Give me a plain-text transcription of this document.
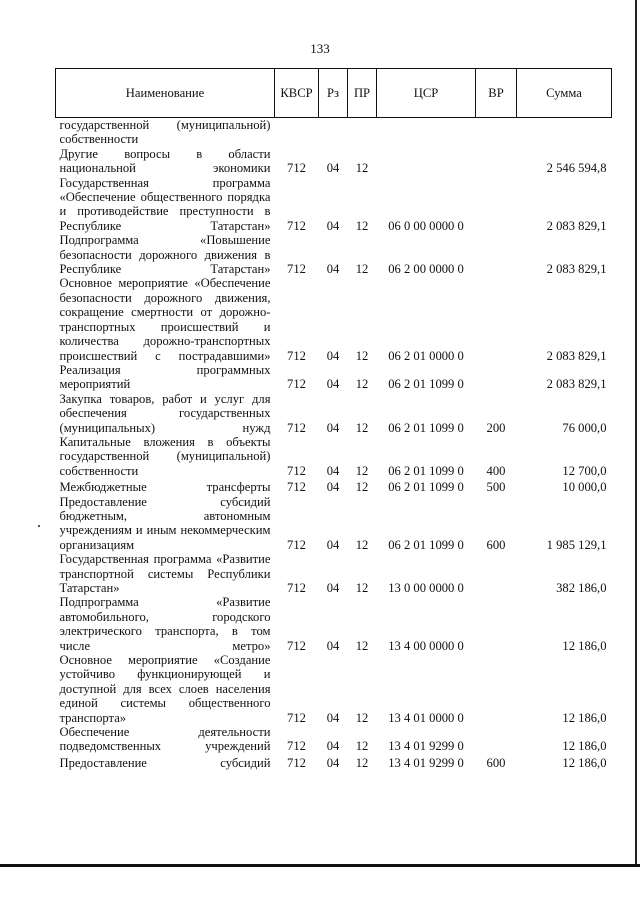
133
Наименование	КВСР	Рз	ПР	ЦСР	ВР	Сумма
государственной (муниципальной) собственности						
Другие вопросы в области национальной экономики	712	04	12			2 546 594,8
Государственная программа «Обеспечение общественного порядка и противодействие преступности в Республике Татарстан»	712	04	12	06 0 00 0000 0		2 083 829,1
Подпрограмма «Повышение безопасности дорожного движения в Республике Татарстан»	712	04	12	06 2 00 0000 0		2 083 829,1
Основное мероприятие «Обеспечение безопасности дорожного движения, сокращение смертности от дорожно-транспортных происшествий и количества дорожно-транспортных происшествий с пострадавшими»	712	04	12	06 2 01 0000 0		2 083 829,1
Реализация программных мероприятий	712	04	12	06 2 01 1099 0		2 083 829,1
Закупка товаров, работ и услуг для обеспечения государственных (муниципальных) нужд	712	04	12	06 2 01 1099 0	200	76 000,0
Капитальные вложения в объекты государственной (муниципальной) собственности	712	04	12	06 2 01 1099 0	400	12 700,0
Межбюджетные трансферты	712	04	12	06 2 01 1099 0	500	10 000,0
Предоставление субсидий бюджетным, автономным учреждениям и иным некоммерческим организациям	712	04	12	06 2 01 1099 0	600	1 985 129,1
Государственная программа «Развитие транспортной системы Республики Татарстан»	712	04	12	13 0 00 0000 0		382 186,0
Подпрограмма «Развитие автомобильного, городского электрического транспорта, в том числе метро»	712	04	12	13 4 00 0000 0		12 186,0
Основное мероприятие «Создание устойчиво функционирующей и доступной для всех слоев населения единой системы общественного транспорта»	712	04	12	13 4 01 0000 0		12 186,0
Обеспечение деятельности подведомственных учреждений	712	04	12	13 4 01 9299 0		12 186,0
Предоставление субсидий	712	04	12	13 4 01 9299 0	600	12 186,0
